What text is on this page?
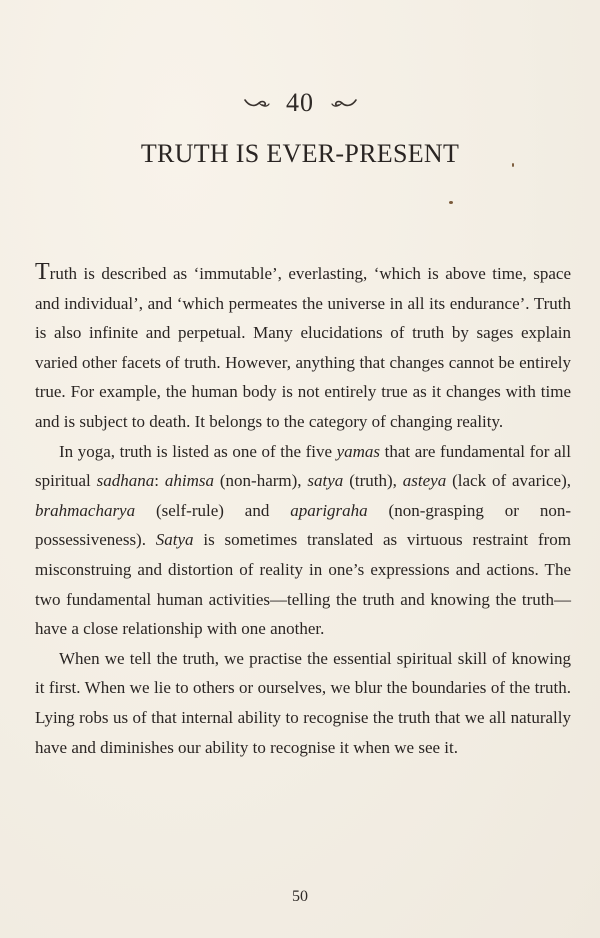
40
TRUTH IS EVER-PRESENT

Truth is described as ‘immutable’, everlasting, ‘which is above time, space and individual’, and ‘which permeates the universe in all its endurance’. Truth is also infinite and perpetual. Many elucidations of truth by sages explain varied other facets of truth. However, anything that changes cannot be entirely true. For example, the human body is not entirely true as it changes with time and is subject to death. It belongs to the category of changing reality.

In yoga, truth is listed as one of the five yamas that are fundamental for all spiritual sadhana: ahimsa (non-harm), satya (truth), asteya (lack of avarice), brahmacharya (self-rule) and aparigraha (non-grasping or non-possessiveness). Satya is sometimes translated as virtuous restraint from misconstruing and distortion of reality in one’s expressions and actions. The two fundamental human activities—telling the truth and knowing the truth—have a close relationship with one another.

When we tell the truth, we practise the essential spiritual skill of knowing it first. When we lie to others or ourselves, we blur the boundaries of the truth. Lying robs us of that internal ability to recognise the truth that we all naturally have and diminishes our ability to recognise it when we see it.

50
